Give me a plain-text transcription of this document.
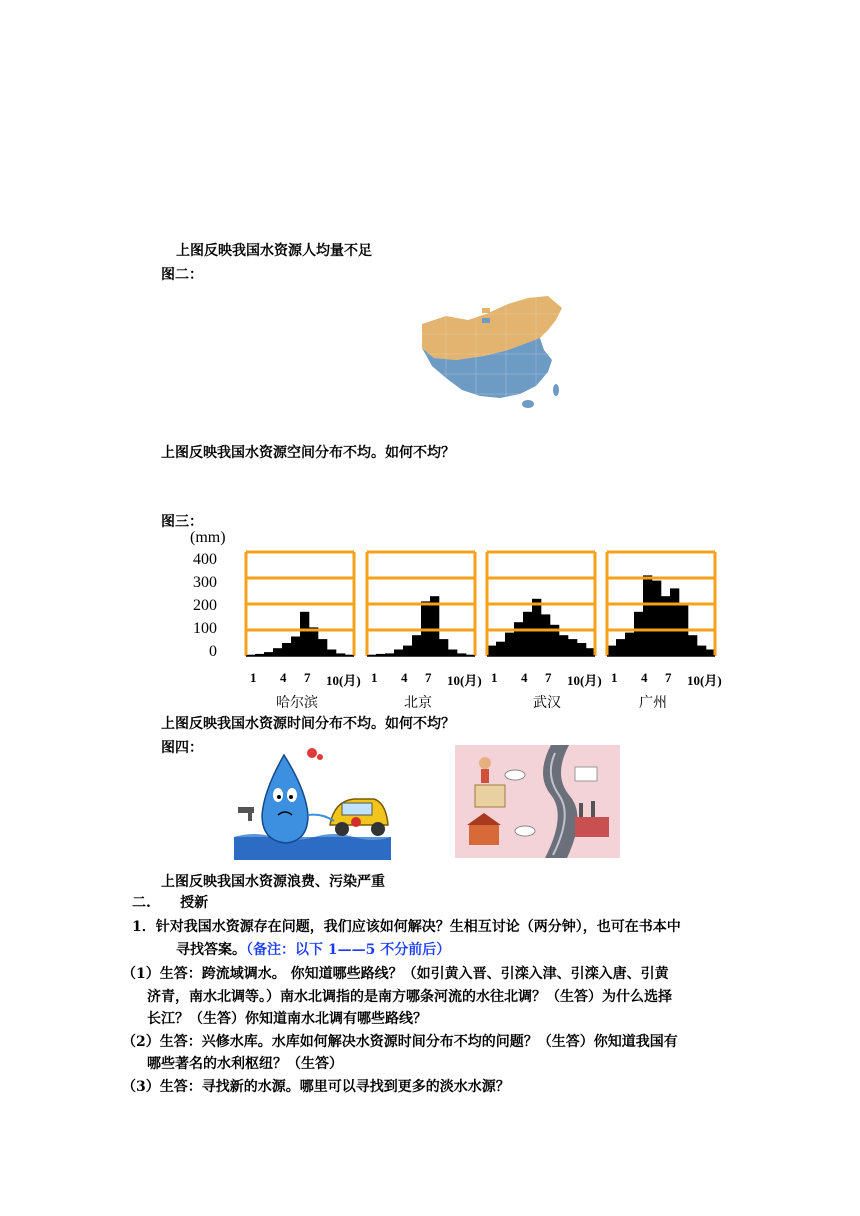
上图反映我国水资源人均量不足
图二：
上图反映我国水资源空间分布不均。如何不均？
图三：
(mm)
400
300
200
100
0
1 4 7 10(月) 1 4 7 10(月) 1 4 7 10(月) 1 4 7 10(月)
哈尔滨	北京	武汉	广州
上图反映我国水资源时间分布不均。如何不均？
图四：
上图反映我国水资源浪费、污染严重
二.      授新
1．针对我国水资源存在问题，我们应该如何解决？生相互讨论（两分钟），也可在书本中
寻找答案。（备注：以下 1——5 不分前后）
（1）生答：跨流域调水。 你知道哪些路线？（如引黄入晋、引滦入津、引滦入唐、引黄
济青，南水北调等。）南水北调指的是南方哪条河流的水往北调？（生答）为什么选择
长江？（生答）你知道南水北调有哪些路线？
（2）生答：兴修水库。水库如何解决水资源时间分布不均的问题？（生答）你知道我国有
哪些著名的水利枢纽？（生答）
（3）生答：寻找新的水源。哪里可以寻找到更多的淡水水源？
